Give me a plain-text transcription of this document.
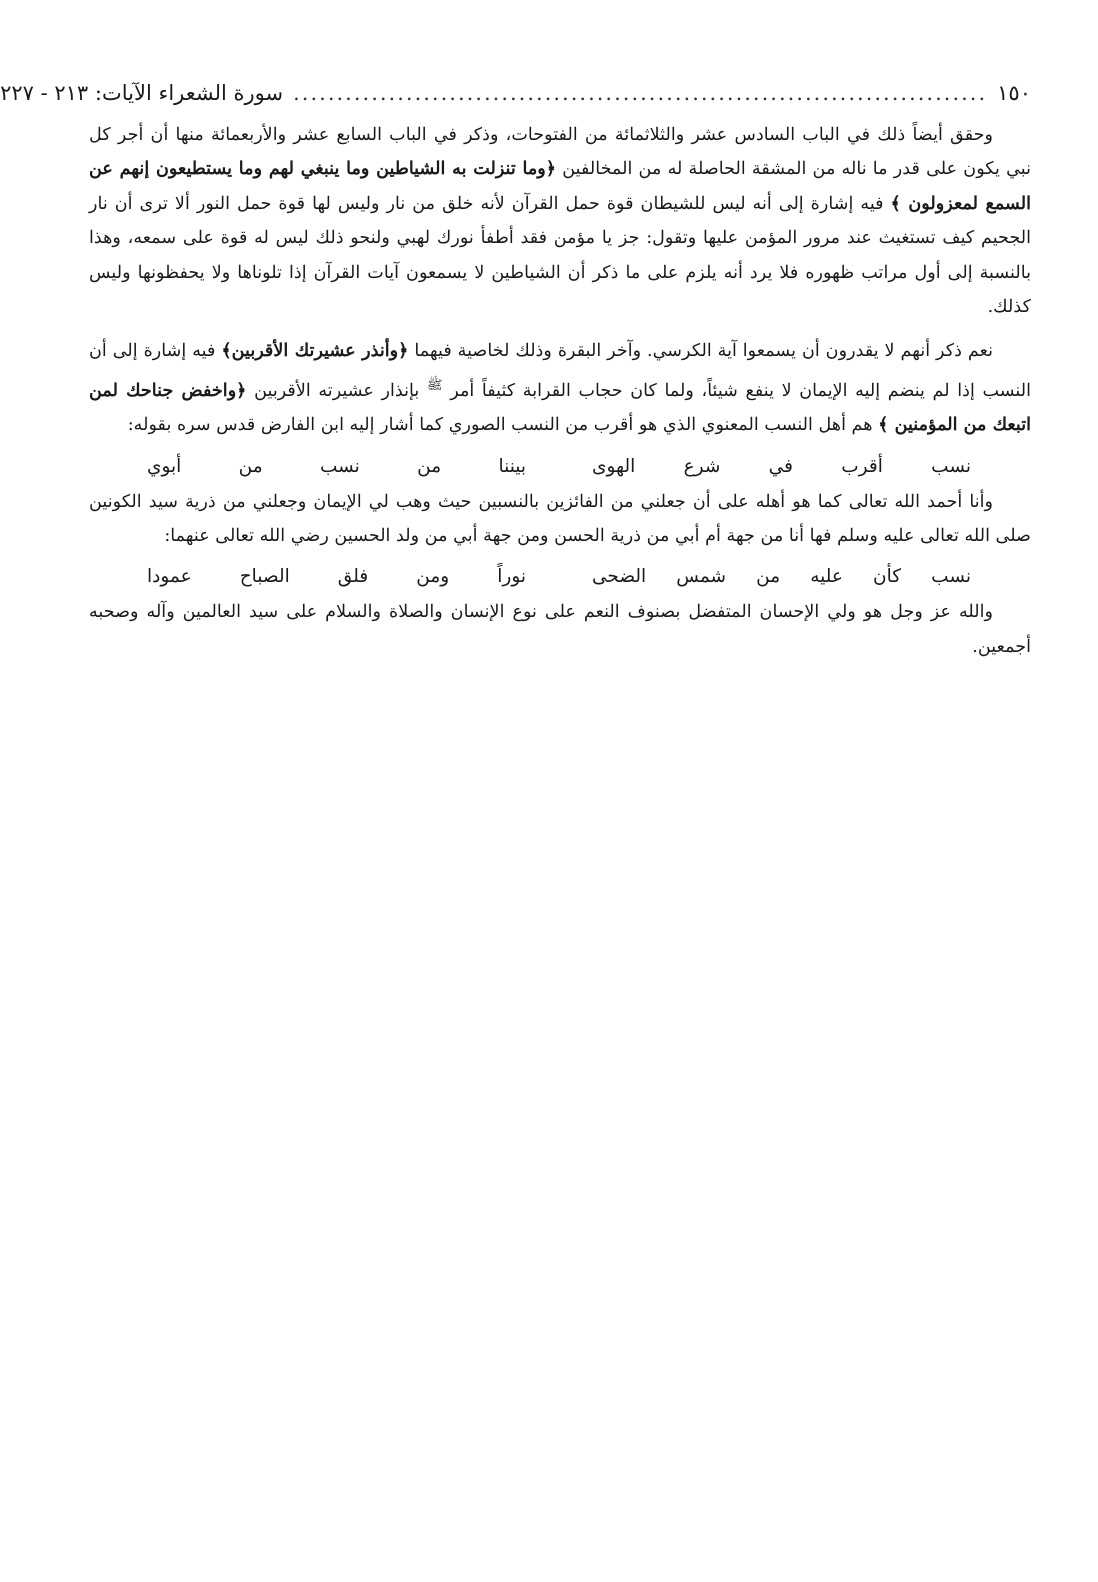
١٥٠
................................................................................
سورة الشعراء الآيات: ٢١٣ - ٢٢٧

وحقق أيضاً ذلك في الباب السادس عشر والثلاثمائة من الفتوحات، وذكر في الباب السابع عشر والأربعمائة منها أن أجر كل نبي يكون على قدر ما ناله من المشقة الحاصلة له من المخالفين ﴿وما تنزلت به الشياطين وما ينبغي لهم وما يستطيعون إنهم عن السمع لمعزولون ﴾ فيه إشارة إلى أنه ليس للشيطان قوة حمل القرآن لأنه خلق من نار وليس لها قوة حمل النور ألا ترى أن نار الجحيم كيف تستغيث عند مرور المؤمن عليها وتقول: جز يا مؤمن فقد أطفأ نورك لهبي ولنحو ذلك ليس له قوة على سمعه، وهذا بالنسبة إلى أول مراتب ظهوره فلا يرد أنه يلزم على ما ذكر أن الشياطين لا يسمعون آيات القرآن إذا تلوناها ولا يحفظونها وليس كذلك.

نعم ذكر أنهم لا يقدرون أن يسمعوا آية الكرسي. وآخر البقرة وذلك لخاصية فيهما ﴿وأنذر عشيرتك الأقربين﴾ فيه إشارة إلى أن النسب إذا لم ينضم إليه الإيمان لا ينفع شيئاً، ولما كان حجاب القرابة كثيفاً أمر $^ﷺ$ بإنذار عشيرته الأقربين ﴿واخفض جناحك لمن اتبعك من المؤمنين ﴾ هم أهل النسب المعنوي الذي هو أقرب من النسب الصوري كما أشار إليه ابن الفارض قدس سره بقوله:

نسب أقرب في شرع الهوى
بيننا من نسب من أبوي

وأنا أحمد الله تعالى كما هو أهله على أن جعلني من الفائزين بالنسبين حيث وهب لي الإيمان وجعلني من ذرية سيد الكونين صلى الله تعالى عليه وسلم فها أنا من جهة أم أبي من ذرية الحسن ومن جهة أبي من ولد الحسين رضي الله تعالى عنهما:

نسب كأن عليه من شمس الضحى
نوراً ومن فلق الصباح عمودا

والله عز وجل هو ولي الإحسان المتفضل بصنوف النعم على نوع الإنسان والصلاة والسلام على سيد العالمين وآله وصحبه أجمعين.
